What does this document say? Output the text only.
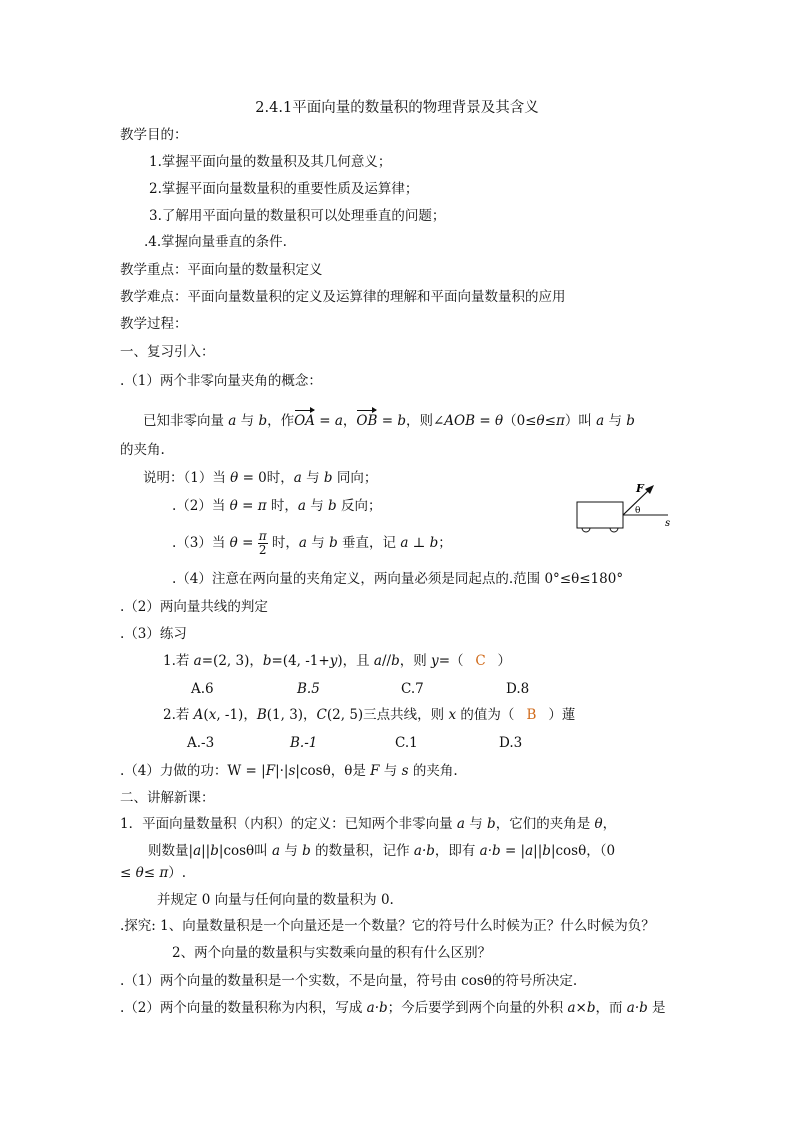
2.4.1平面向量的数量积的物理背景及其含义
教学目的：
1.掌握平面向量的数量积及其几何意义；
2.掌握平面向量数量积的重要性质及运算律；
3.了解用平面向量的数量积可以处理垂直的问题；
.4.掌握向量垂直的条件.
教学重点：平面向量的数量积定义
教学难点：平面向量数量积的定义及运算律的理解和平面向量数量积的应用
教学过程：
一、复习引入：
.（1）两个非零向量夹角的概念：
已知非零向量 a 与 b，作OA = a，OB = b，则∠AOB = θ（0≤θ≤π）叫 a 与 b
的夹角.
说明：（1）当 θ = 0时，a 与 b 同向；
.（2）当 θ = π 时，a 与 b 反向；
.（3）当 $\theta = \frac{\pi}{2}$ 时，a 与 b 垂直，记 a ⊥ b；
.（4）注意在两向量的夹角定义，两向量必须是同起点的.范围 0°≤θ≤180°
F
θ
s
.（2）两向量共线的判定
.（3）练习
1.若 a=(2, 3)，b=(4, -1+y)，且 a//b，则 y=（ C ）
A.6	B.5	C.7	D.8
2.若 A(x, -1)，B(1, 3)，C(2, 5)三点共线，则 x 的值为（ B ）蓮
A.-3	B.-1	C.1	D.3
.（4）力做的功：W = |F|·|s|cosθ，θ是 F 与 s 的夹角.
二、讲解新课：
1．平面向量数量积（内积）的定义：已知两个非零向量 a 与 b，它们的夹角是 θ，
则数量|a||b|cosθ叫 a 与 b 的数量积，记作 a·b，即有 a·b = |a||b|cosθ，（0
≤ θ≤ π）.
并规定 0 向量与任何向量的数量积为 0.
.探究: 1、向量数量积是一个向量还是一个数量？它的符号什么时候为正？什么时候为负？
2、两个向量的数量积与实数乘向量的积有什么区别？
.（1）两个向量的数量积是一个实数，不是向量，符号由 cosθ的符号所决定.
.（2）两个向量的数量积称为内积，写成 a·b；今后要学到两个向量的外积 a×b，而 a·b 是
